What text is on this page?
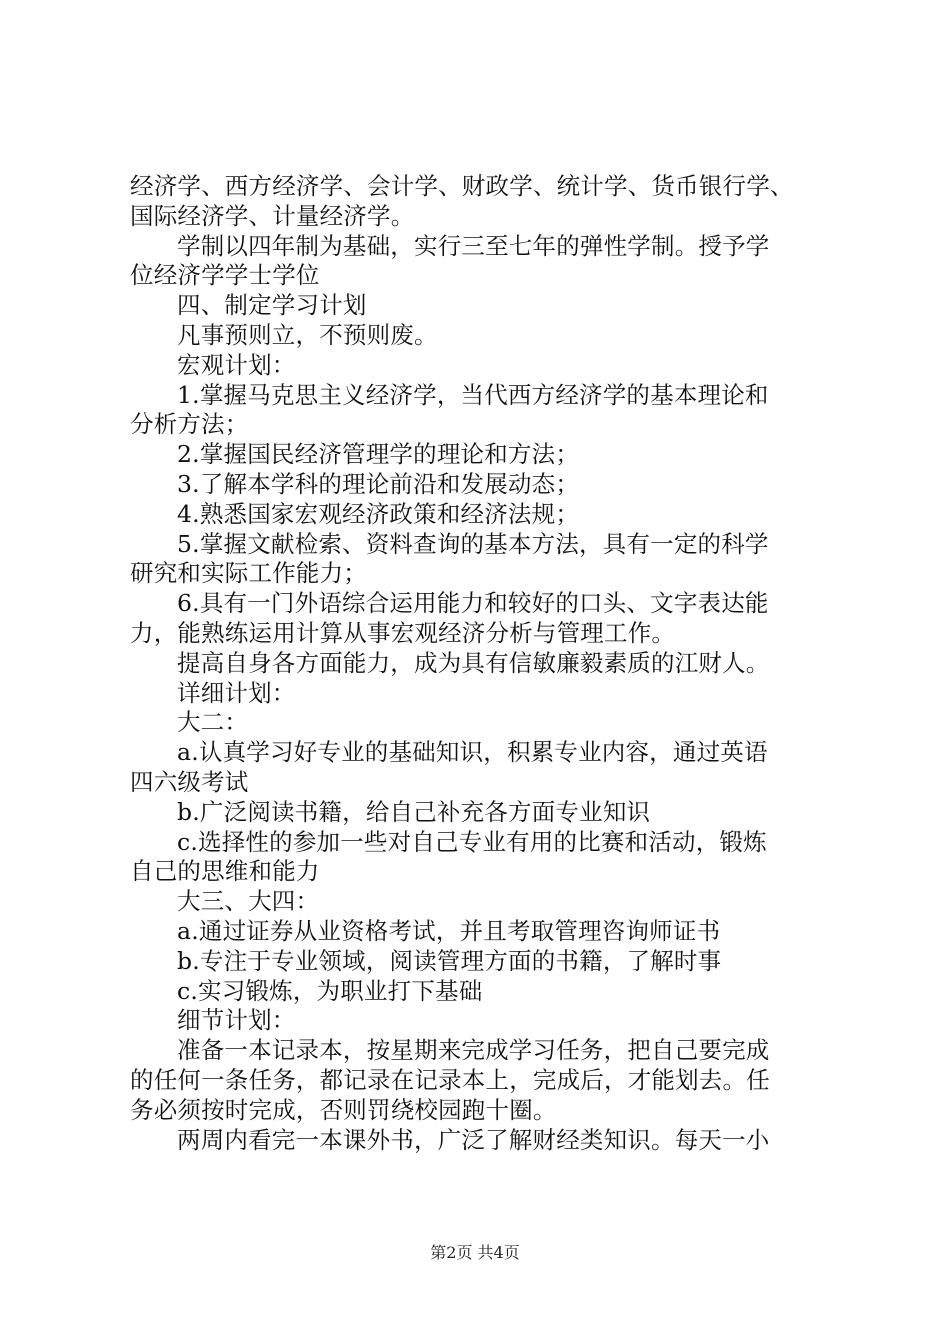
经济学、西方经济学、会计学、财政学、统计学、货币银行学、
国际经济学、计量经济学。
学制以四年制为基础，实行三至七年的弹性学制。授予学
位经济学学士学位
四、制定学习计划
凡事预则立，不预则废。
宏观计划：
1.掌握马克思主义经济学，当代西方经济学的基本理论和
分析方法；
2.掌握国民经济管理学的理论和方法；
3.了解本学科的理论前沿和发展动态；
4.熟悉国家宏观经济政策和经济法规；
5.掌握文献检索、资料查询的基本方法，具有一定的科学
研究和实际工作能力；
6.具有一门外语综合运用能力和较好的口头、文字表达能
力，能熟练运用计算从事宏观经济分析与管理工作。
提高自身各方面能力，成为具有信敏廉毅素质的江财人。
详细计划：
大二：
a.认真学习好专业的基础知识，积累专业内容，通过英语
四六级考试
b.广泛阅读书籍，给自己补充各方面专业知识
c.选择性的参加一些对自己专业有用的比赛和活动，锻炼
自己的思维和能力
大三、大四：
a.通过证券从业资格考试，并且考取管理咨询师证书
b.专注于专业领域，阅读管理方面的书籍，了解时事
c.实习锻炼，为职业打下基础
细节计划：
准备一本记录本，按星期来完成学习任务，把自己要完成
的任何一条任务，都记录在记录本上，完成后，才能划去。任
务必须按时完成，否则罚绕校园跑十圈。
两周内看完一本课外书，广泛了解财经类知识。每天一小
第2页 共4页
